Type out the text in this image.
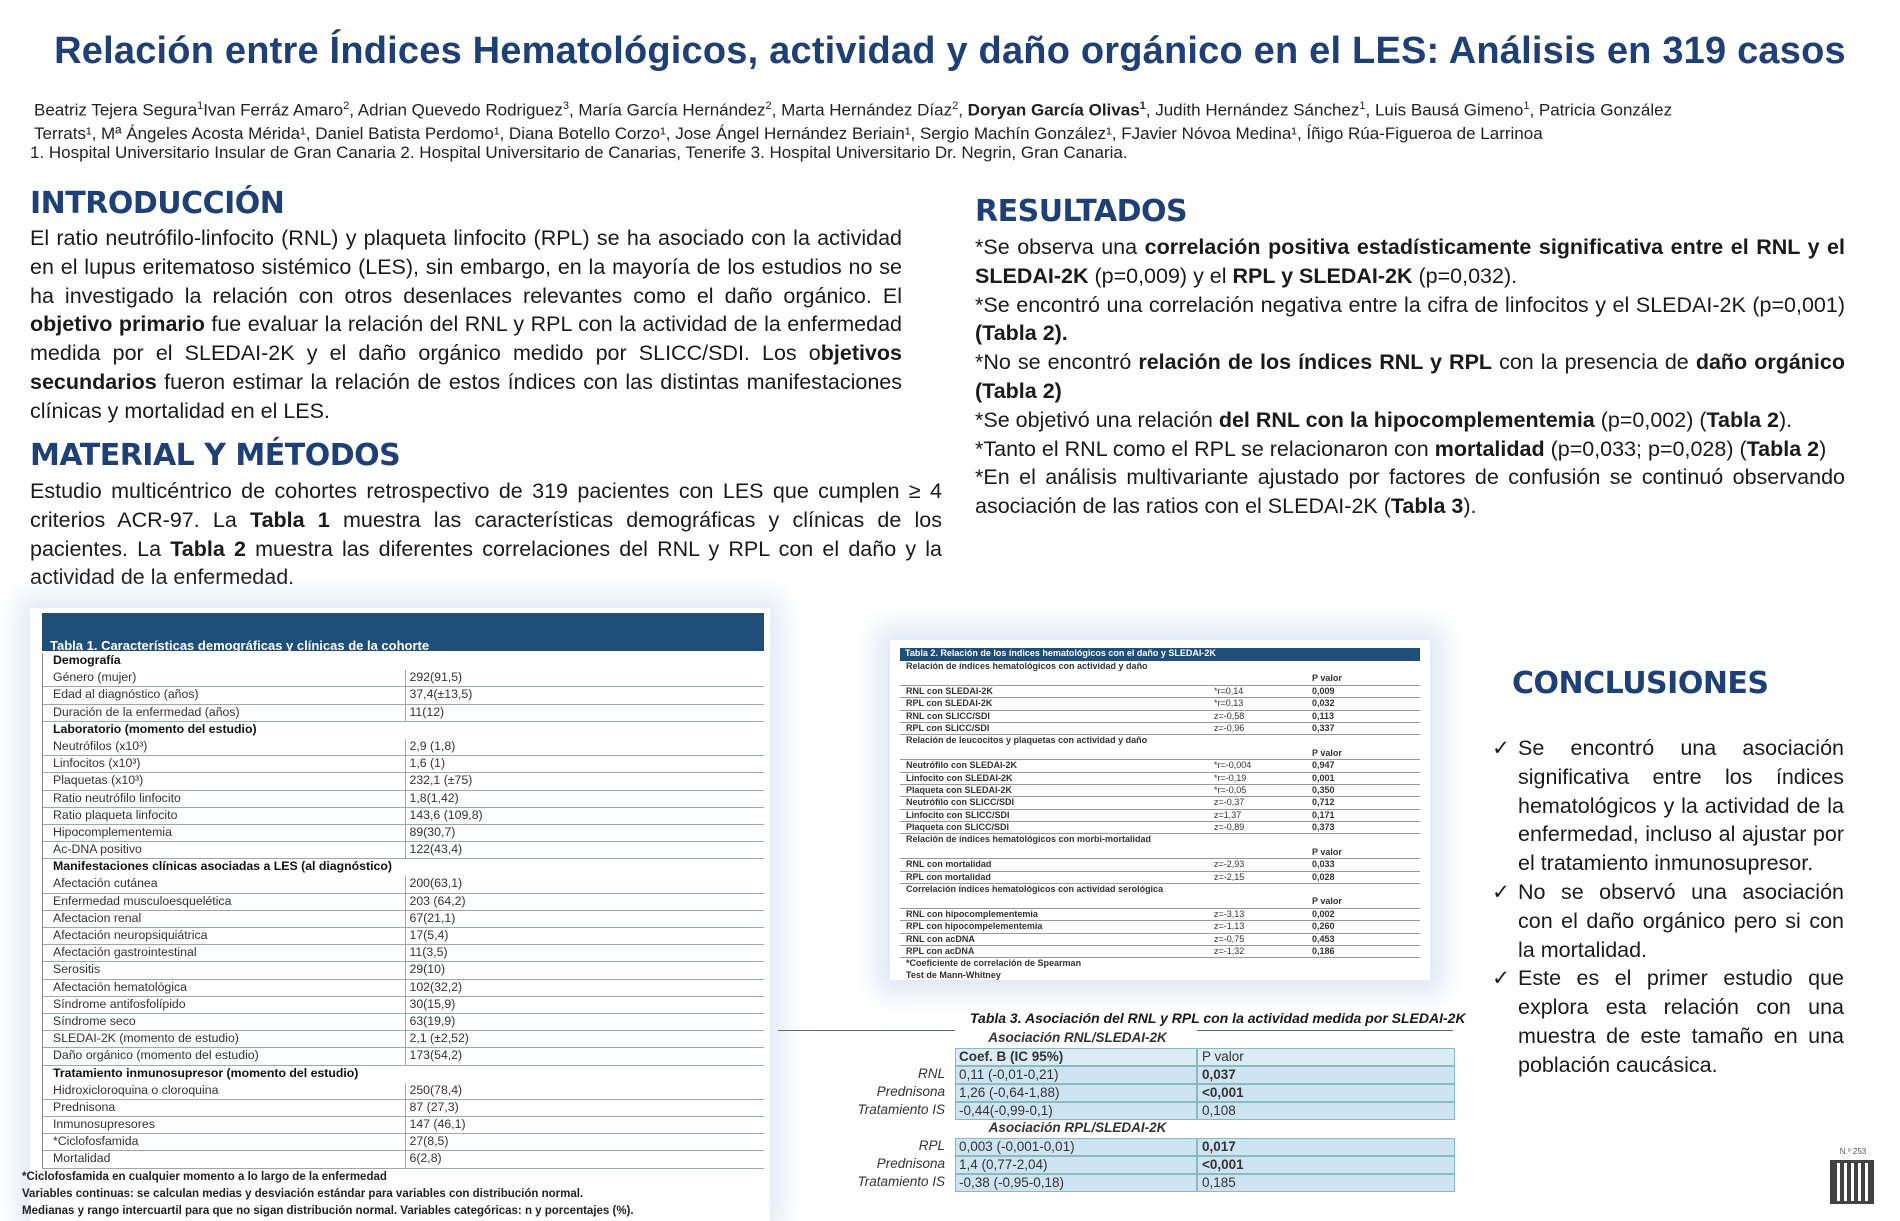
Relación entre Índices Hematológicos, actividad y daño orgánico en el LES: Análisis en 319 casos
Beatriz Tejera Segura$^1$Ivan Ferráz Amaro$^2$, Adrian Quevedo Rodriguez$^3$, María García Hernández$^2$, Marta Hernández Díaz$^2$, Doryan García Olivas$^1$, Judith Hernández Sánchez$^1$, Luis Bausá Gimeno$^1$, Patricia González
Terrats¹, Mª Ángeles Acosta Mérida¹, Daniel Batista Perdomo¹, Diana Botello Corzo¹, Jose Ángel Hernández Beriain¹, Sergio Machín González¹, FJavier Nóvoa Medina¹, Íñigo Rúa-Figueroa de Larrinoa
1. Hospital Universitario Insular de Gran Canaria 2. Hospital Universitario de Canarias, Tenerife 3. Hospital Universitario Dr. Negrin, Gran Canaria.
INTRODUCCIÓN
El ratio neutrófilo-linfocito (RNL) y plaqueta linfocito (RPL) se ha asociado con la actividad en el lupus eritematoso sistémico (LES), sin embargo, en la mayoría de los estudios no se ha investigado la relación con otros desenlaces relevantes como el daño orgánico. El objetivo primario fue evaluar la relación del RNL y RPL con la actividad de la enfermedad medida por el SLEDAI-2K y el daño orgánico medido por SLICC/SDI. Los objetivos secundarios fueron estimar la relación de estos índices con las distintas manifestaciones clínicas y mortalidad en el LES.
MATERIAL Y MÉTODOS
Estudio multicéntrico de cohortes retrospectivo de 319 pacientes con LES que cumplen ≥ 4 criterios ACR-97. La Tabla 1 muestra las características demográficas y clínicas de los pacientes. La Tabla 2 muestra las diferentes correlaciones del RNL y RPL con el daño y la actividad de la enfermedad.
RESULTADOS
*Se observa una correlación positiva estadísticamente significativa entre el RNL y el SLEDAI-2K (p=0,009) y el RPL y SLEDAI-2K (p=0,032).
*Se encontró una correlación negativa entre la cifra de linfocitos y el SLEDAI-2K (p=0,001) (Tabla 2).
*No se encontró relación de los índices RNL y RPL con la presencia de daño orgánico (Tabla 2)
*Se objetivó una relación del RNL con la hipocomplementemia (p=0,002) (Tabla 2).
*Tanto el RNL como el RPL se relacionaron con mortalidad (p=0,033; p=0,028) (Tabla 2)
*En el análisis multivariante ajustado por factores de confusión se continuó observando asociación de las ratios con el SLEDAI-2K (Tabla 3).
CONCLUSIONES
✓ Se encontró una asociación significativa entre los índices hematológicos y la actividad de la enfermedad, incluso al ajustar por el tratamiento inmunosupresor.
✓ No se observó una asociación con el daño orgánico pero si con la mortalidad.
✓ Este es el primer estudio que explora esta relación con una muestra de este tamaño en una población caucásica.
Tabla 1. Características demográficas y clínicas de la cohorte
Demografía
Género (mujer)	292(91,5)
Edad al diagnóstico (años)	37,4(±13,5)
Duración de la enfermedad (años)	11(12)
Laboratorio (momento del estudio)
Neutrófilos (x10³)	2,9 (1,8)
Linfocitos (x10³)	1,6 (1)
Plaquetas (x10³)	232,1 (±75)
Ratio neutrófilo linfocito	1,8(1,42)
Ratio plaqueta linfocito	143,6 (109,8)
Hipocomplementemia	89(30,7)
Ac-DNA positivo	122(43,4)
Manifestaciones clínicas asociadas a LES (al diagnóstico)
Afectación cutánea	200(63,1)
Enfermedad musculoesquelética	203 (64,2)
Afectacion renal	67(21,1)
Afectación neuropsiquiátrica	17(5,4)
Afectación gastrointestinal	11(3,5)
Serositis	29(10)
Afectación hematológica	102(32,2)
Síndrome antifosfolípido	30(15,9)
Síndrome seco	63(19,9)
SLEDAI-2K (momento de estudio)	2,1 (±2,52)
Daño orgánico (momento del estudio)	173(54,2)
Tratamiento inmunosupresor (momento del estudio)
Hidroxicloroquina o cloroquina	250(78,4)
Prednisona	87 (27,3)
Inmunosupresores	147 (46,1)
*Ciclofosfamida	27(8,5)
Mortalidad	6(2,8)
*Ciclofosfamida en cualquier momento a lo largo de la enfermedad
Variables continuas: se calculan medias y desviación estándar para variables con distribución normal.
Medianas y rango intercuartil para que no sigan distribución normal. Variables categóricas: n y porcentajes (%).
Tabla 2. Relación de los índices hematológicos con el daño y SLEDAI-2K
Relación de índices hematológicos con actividad y daño
P valor
RNL con SLEDAI-2K	*r=0,14	0,009
RPL con SLEDAI-2K	*r=0,13	0,032
RNL con SLICC/SDI	z=-0,58	0,113
RPL con SLICC/SDI	z=-0,96	0,337
Relación de leucocitos y plaquetas con actividad y daño
P valor
Neutrófilo con SLEDAI-2K	*r=-0,004	0,947
Linfocito con SLEDAI-2K	*r=-0,19	0,001
Plaqueta con SLEDAI-2K	*r=-0,05	0,350
Neutrófilo con SLICC/SDI	z=-0,37	0,712
Linfocito con SLICC/SDI	z=1,37	0,171
Plaqueta con SLICC/SDI	z=-0,89	0,373
Relación de índices hematológicos con morbi-mortalidad
P valor
RNL con mortalidad	z=-2,93	0,033
RPL con mortalidad	z=-2,15	0,028
Correlación índices hematológicos con actividad serológica
P valor
RNL con hipocomplementemia	z=-3,13	0,002
RPL con hipocompelementemia	z=-1,13	0,260
RNL con acDNA	z=-0,75	0,453
RPL con acDNA	z=-1,32	0,186
*Coeficiente de correlación de Spearman
Test de Mann-Whitney
Tabla 3. Asociación del RNL y RPL con la actividad medida por SLEDAI-2K
Asociación RNL/SLEDAI-2K
Coef. B (IC 95%)	P valor
RNL 0,11 (-0,01-0,21)	0,037
Prednisona 1,26 (-0,64-1,88)	<0,001
Tratamiento IS -0,44(-0,99-0,1)	0,108
Asociación RPL/SLEDAI-2K
RPL 0,003 (-0,001-0,01)	0,017
Prednisona 1,4 (0,77-2,04)	<0,001
Tratamiento IS -0,38 (-0,95-0,18)	0,185
N.º 253
